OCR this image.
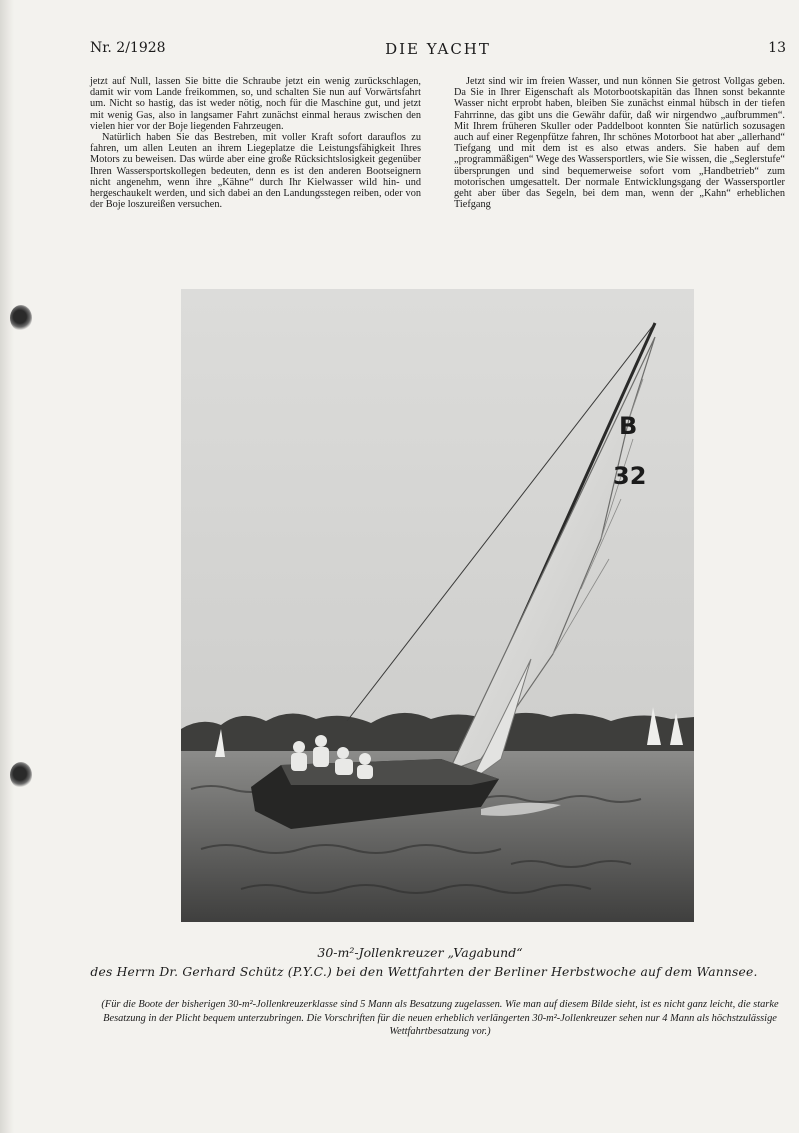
Nr. 2/1928	DIE YACHT	13

jetzt auf Null, lassen Sie bitte die Schraube jetzt ein wenig zurückschlagen, damit wir vom Lande freikommen, so, und schalten Sie nun auf Vorwärtsfahrt um. Nicht so hastig, das ist weder nötig, noch für die Maschine gut, und jetzt mit wenig Gas, also in langsamer Fahrt zunächst einmal heraus zwischen den vielen hier vor der Boje liegenden Fahrzeugen.

Natürlich haben Sie das Bestreben, mit voller Kraft sofort darauflos zu fahren, um allen Leuten an ihrem Liegeplatze die Leistungsfähigkeit Ihres Motors zu beweisen. Das würde aber eine große Rücksichtslosigkeit gegenüber Ihren Wassersportskollegen bedeuten, denn es ist den anderen Bootseignern nicht angenehm, wenn ihre „Kähne“ durch Ihr Kielwasser wild hin- und hergeschaukelt werden, und sich dabei an den Landungsstegen reiben, oder von der Boje loszureißen versuchen.

Jetzt sind wir im freien Wasser, und nun können Sie getrost Vollgas geben. Da Sie in Ihrer Eigenschaft als Motorbootskapitän das Ihnen sonst bekannte Wasser nicht erprobt haben, bleiben Sie zunächst einmal hübsch in der tiefen Fahrrinne, das gibt uns die Gewähr dafür, daß wir nirgendwo „aufbrummen“. Mit Ihrem früheren Skuller oder Paddelboot konnten Sie natürlich sozusagen auch auf einer Regenpfütze fahren, Ihr schönes Motorboot hat aber „allerhand“ Tiefgang und mit dem ist es also etwas anders. Sie haben auf dem „programmäßigen“ Wege des Wassersportlers, wie Sie wissen, die „Seglerstufe“ übersprungen und sind bequemerweise sofort vom „Handbetrieb“ zum motorischen umgesattelt. Der normale Entwicklungsgang der Wassersportler geht aber über das Segeln, bei dem man, wenn der „Kahn“ erheblichen Tiefgang

B
32
30-m²-Jollenkreuzer „Vagabund“
des Herrn Dr. Gerhard Schütz (P.Y.C.) bei den Wettfahrten der Berliner Herbstwoche auf dem Wannsee.
(Für die Boote der bisherigen 30-m²-Jollenkreuzerklasse sind 5 Mann als Besatzung zugelassen. Wie man auf diesem Bilde sieht, ist es nicht ganz leicht, die starke Besatzung in der Plicht bequem unterzubringen. Die Vorschriften für die neuen erheblich verlängerten 30-m²-Jollenkreuzer sehen nur 4 Mann als höchstzulässige Wettfahrtbesatzung vor.)
